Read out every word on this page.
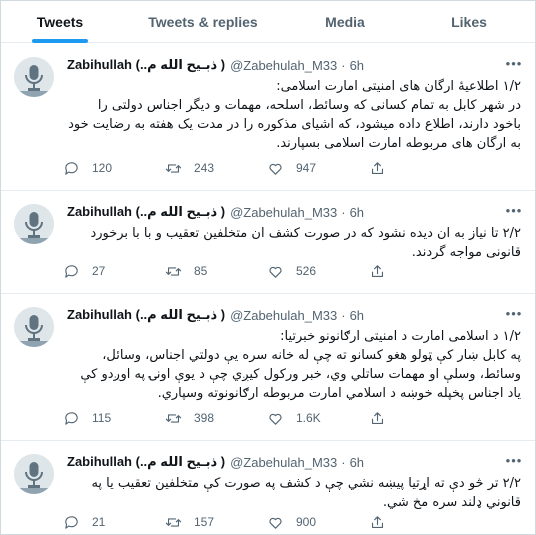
Tweets	Tweets & replies	Media	Likes
Zabihullah (..ذبـیح الله م ) @Zabehulah_M33 · 6h	•••
۱/۲ اطلاعیهٔ ارگان های امنیتی امارت اسلامی:
در شهر کابل به تمام کسانی که وسائط، اسلحه، مهمات و دیگر اجناس دولتی را باخود دارند، اطلاع داده میشود، که اشیای مذکوره را در مدت یک هفته به رضایت خود به ارگان های مربوطه امارت اسلامی بسپارند.
120	243	947
Zabihullah (..ذبـیح الله م ) @Zabehulah_M33 · 6h	•••
۲/۲ تا نیاز به ان دیده نشود که در صورت کشف ان متخلفین تعقیب و با با برخورد قانونی مواجه گردند.
27	85	526
Zabihullah (..ذبـیح الله م ) @Zabehulah_M33 · 6h	•••
۱/۲ د اسلامی امارت د امنیتی ارګانونو خبرتیا:
په کابل ښار کې ټولو هغو کسانو ته چې له خانه سره یې دولتي اجناس، وسائل، وسائط، وسلې او مهمات ساتلي وي، خبر ورکول کیږي چې د یوې اونۍ په اوږدو کې یاد اجناس پخپله خوښه د اسلامي امارت مربوطه ارګانونوته وسپاري.
115	398	1.6K
Zabihullah (..ذبـیح الله م ) @Zabehulah_M33 · 6h	•••
۲/۲ تر څو دې ته اړتیا پیښه نشي چې د کشف په صورت کې متخلفین تعقیب یا په قانوني ډلند سره مخ شي.
21	157	900
